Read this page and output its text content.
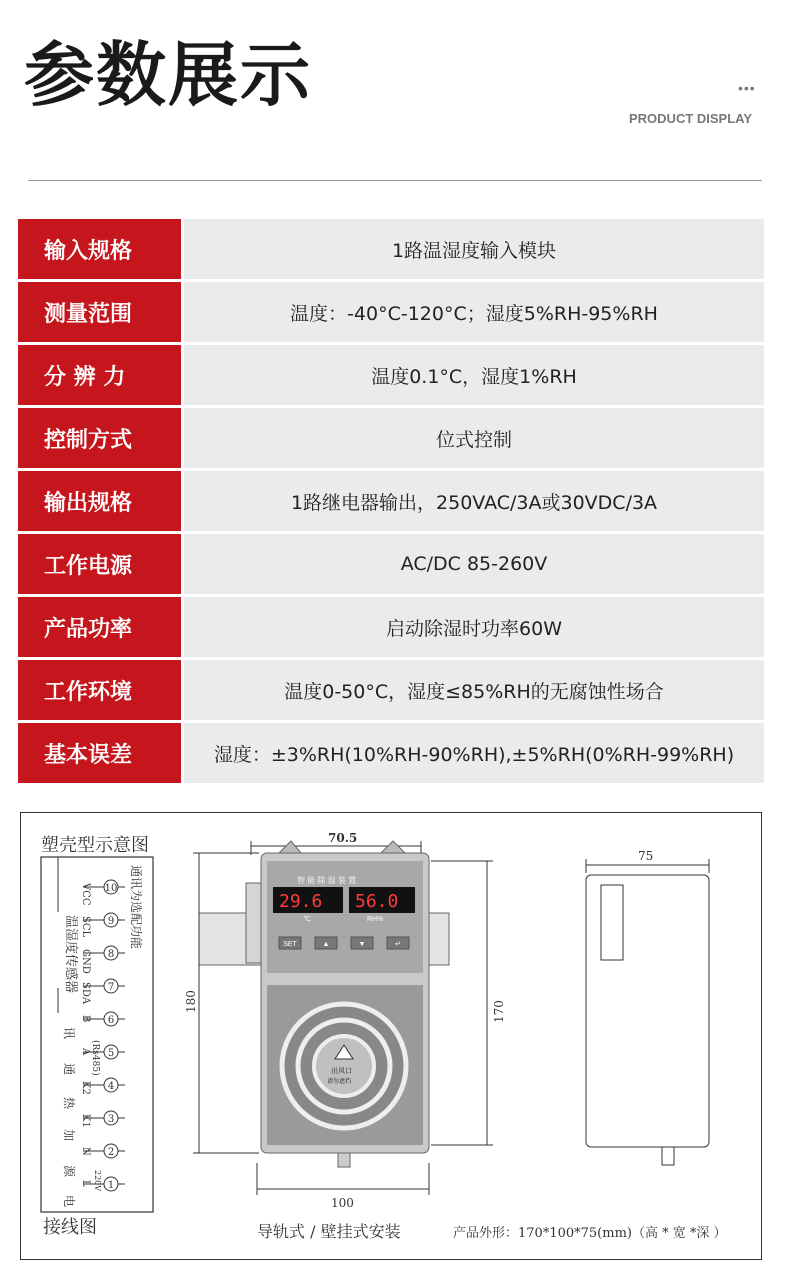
参数展示	•••
PRODUCT DISPLAY
输入规格	1路温湿度输入模块
测量范围	温度：-40°C-120°C；湿度5%RH-95%RH
分 辨 力	温度0.1°C，湿度1%RH
控制方式	位式控制
输出规格	1路继电器输出，250VAC/3A或30VDC/3A
工作电源	AC/DC 85-260V
产品功率	启动除湿时功率60W
工作环境	温度0-50°C，湿度≤85%RH的无腐蚀性场合
基本误差	湿度：±3%RH(10%RH-90%RH),±5%RH(0%RH-99%RH)
塑壳型示意图
温湿度传感器
通讯为选配功能
1
L
2
N
3
K1
4
K2
5
A
6
B
7
SDA
8
GND
9
SCL
10
VCC
电
源
加
热
通
讯
(Rs485)
220V
接线图
70.5
智 能 除 湿 装 置
29.6 56.0
℃	RH%
SET	▲	▼	↵
出风口
请勿遮挡
180	170
100
75
导轨式 / 壁挂式安装	产品外形：170*100*75(mm)（高 * 宽 *深 ）
